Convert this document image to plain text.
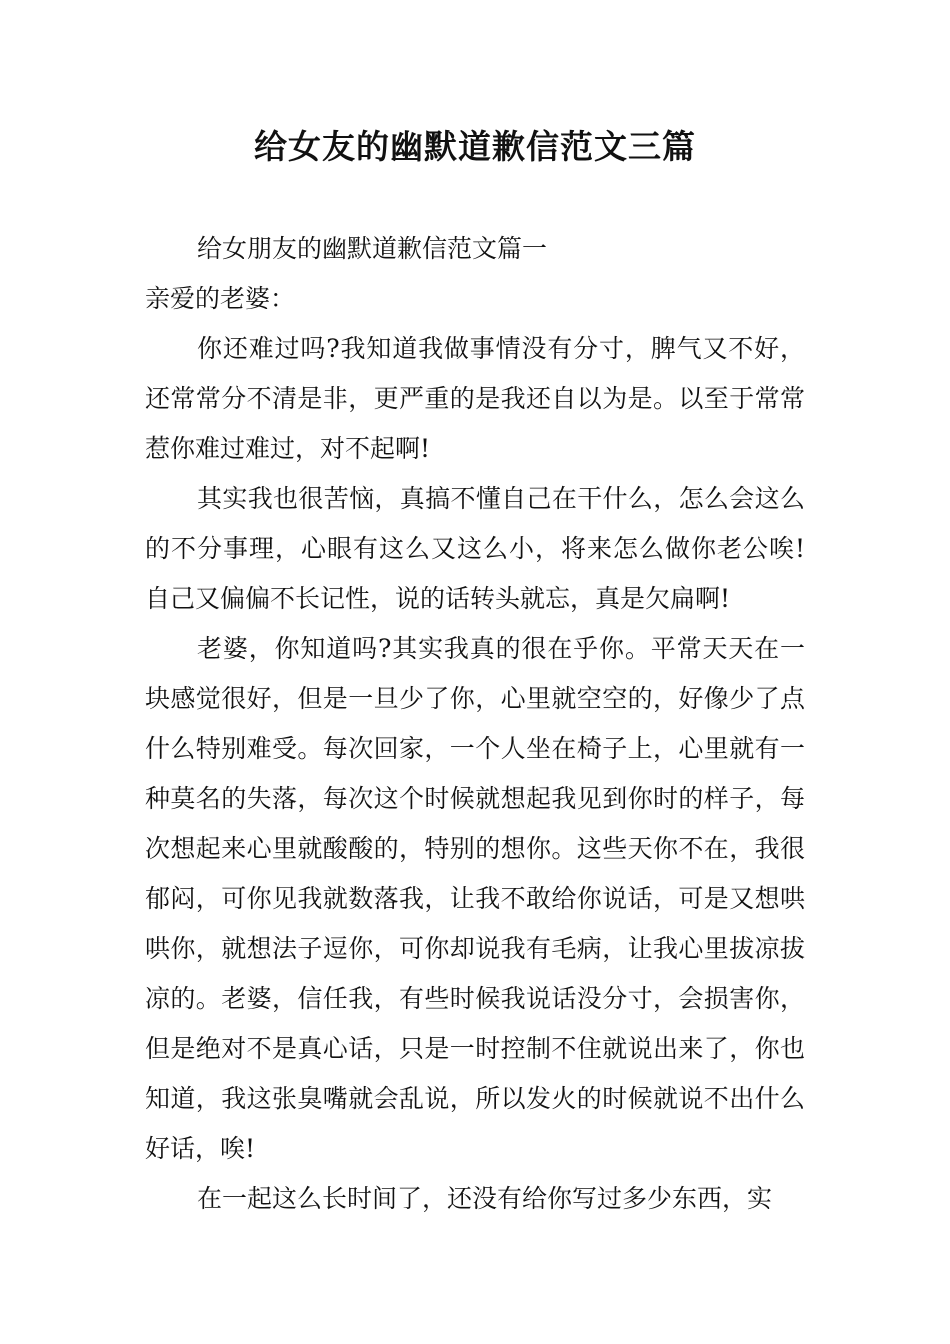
给女友的幽默道歉信范文三篇

给女朋友的幽默道歉信范文篇一

亲爱的老婆：

你还难过吗?我知道我做事情没有分寸，脾气又不好，还常常分不清是非，更严重的是我还自以为是。以至于常常惹你难过难过，对不起啊!

其实我也很苦恼，真搞不懂自己在干什么，怎么会这么的不分事理，心眼有这么又这么小，将来怎么做你老公唉!自己又偏偏不长记性，说的话转头就忘，真是欠扁啊!

老婆，你知道吗?其实我真的很在乎你。平常天天在一块感觉很好，但是一旦少了你，心里就空空的，好像少了点什么特别难受。每次回家，一个人坐在椅子上，心里就有一种莫名的失落，每次这个时候就想起我见到你时的样子，每次想起来心里就酸酸的，特别的想你。这些天你不在，我很郁闷，可你见我就数落我，让我不敢给你说话，可是又想哄哄你，就想法子逗你，可你却说我有毛病，让我心里拔凉拔凉的。老婆，信任我，有些时候我说话没分寸，会损害你，但是绝对不是真心话，只是一时控制不住就说出来了，你也知道，我这张臭嘴就会乱说，所以发火的时候就说不出什么好话，唉!

在一起这么长时间了，还没有给你写过多少东西，实
